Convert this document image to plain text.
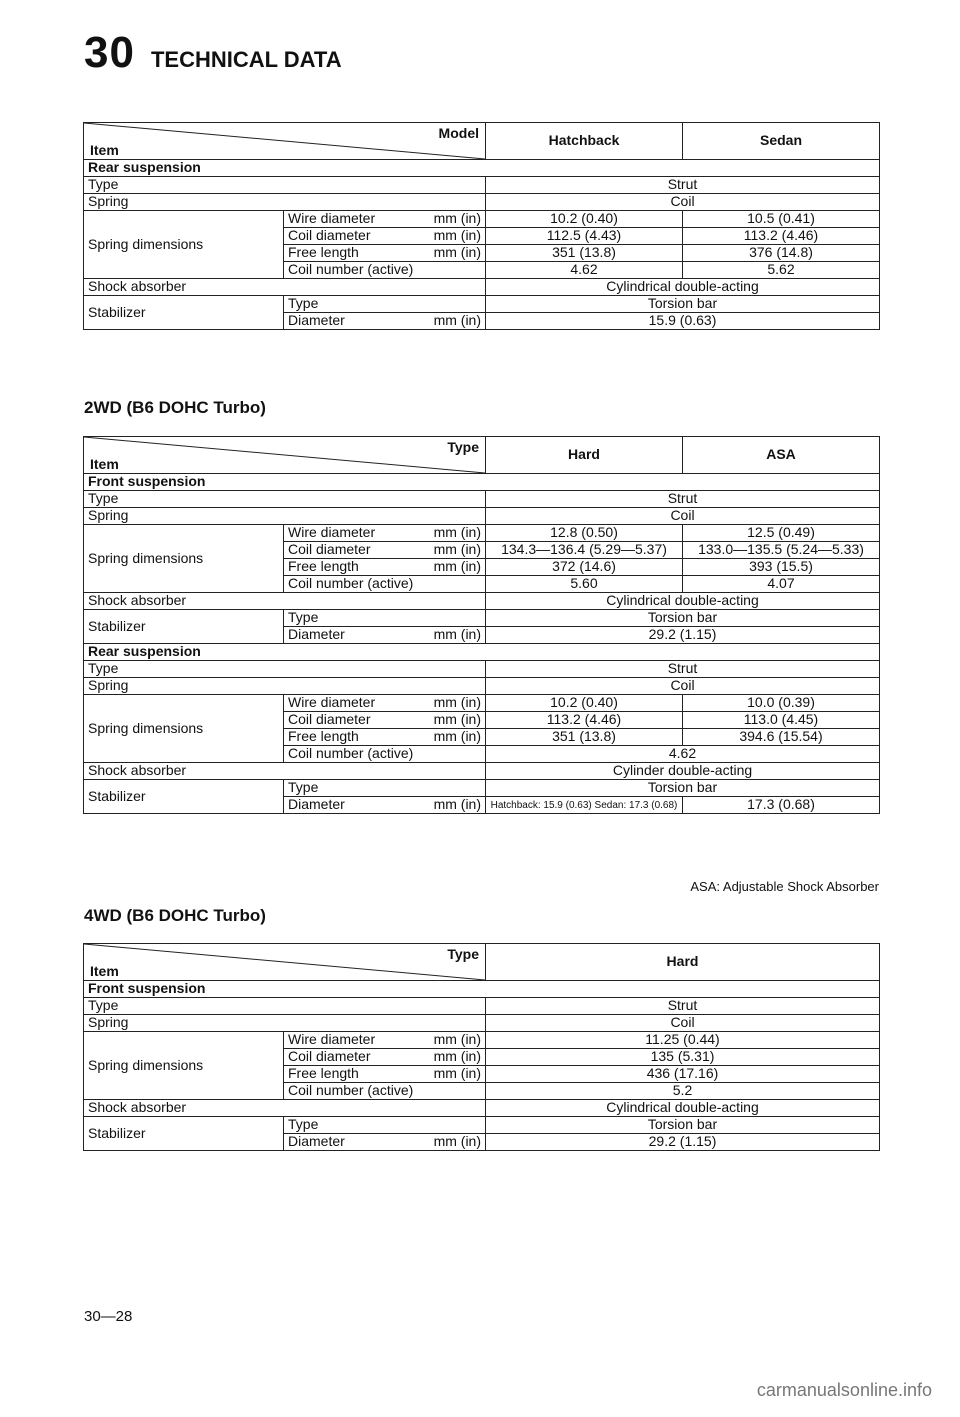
30 TECHNICAL DATA
Model
Item		Hatchback	Sedan
Rear suspension			
Type		Strut	
Spring		Coil	
Spring dimensions	Wire diameter mm (in)	10.2 (0.40)	10.5 (0.41)

	Coil diameter mm (in)	112.5 (4.43)	113.2 (4.46)

	Free length mm (in)	351 (13.8)	376 (14.8)
	Coil number (active)	4.62	5.62
Shock absorber		Cylindrical double-acting	
Stabilizer	Type	Torsion bar	

	Diameter mm (in)	15.9 (0.63)	
2WD (B6 DOHC Turbo)
Type
Item		Hard	ASA
Front suspension			
Type		Strut	
Spring		Coil	
Spring dimensions	Wire diameter mm (in)	12.8 (0.50)	12.5 (0.49)

	Coil diameter mm (in)	134.3—136.4 (5.29—5.37)	133.0—135.5 (5.24—5.33)

	Free length mm (in)	372 (14.6)	393 (15.5)
	Coil number (active)	5.60	4.07
Shock absorber		Cylindrical double-acting	
Stabilizer	Type	Torsion bar	

	Diameter mm (in)	29.2 (1.15)	
Rear suspension			
Type		Strut	
Spring		Coil	
Spring dimensions	Wire diameter mm (in)	10.2 (0.40)	10.0 (0.39)

	Coil diameter mm (in)	113.2 (4.46)	113.0 (4.45)

	Free length mm (in)	351 (13.8)	394.6 (15.54)
	Coil number (active)	4.62	
Shock absorber		Cylinder double-acting	
Stabilizer	Type	Torsion bar	

	Diameter mm (in)	Hatchback: 15.9 (0.63) Sedan: 17.3 (0.68)	17.3 (0.68)
ASA: Adjustable Shock Absorber
4WD (B6 DOHC Turbo)
Type
Item		Hard
Front suspension		
Type		Strut
Spring		Coil
Spring dimensions	Wire diameter mm (in)	11.25 (0.44)

	Coil diameter mm (in)	135 (5.31)

	Free length mm (in)	436 (17.16)
	Coil number (active)	5.2
Shock absorber		Cylindrical double-acting
Stabilizer	Type	Torsion bar

	Diameter mm (in)	29.2 (1.15)
30—28
carmanualsonline.info
